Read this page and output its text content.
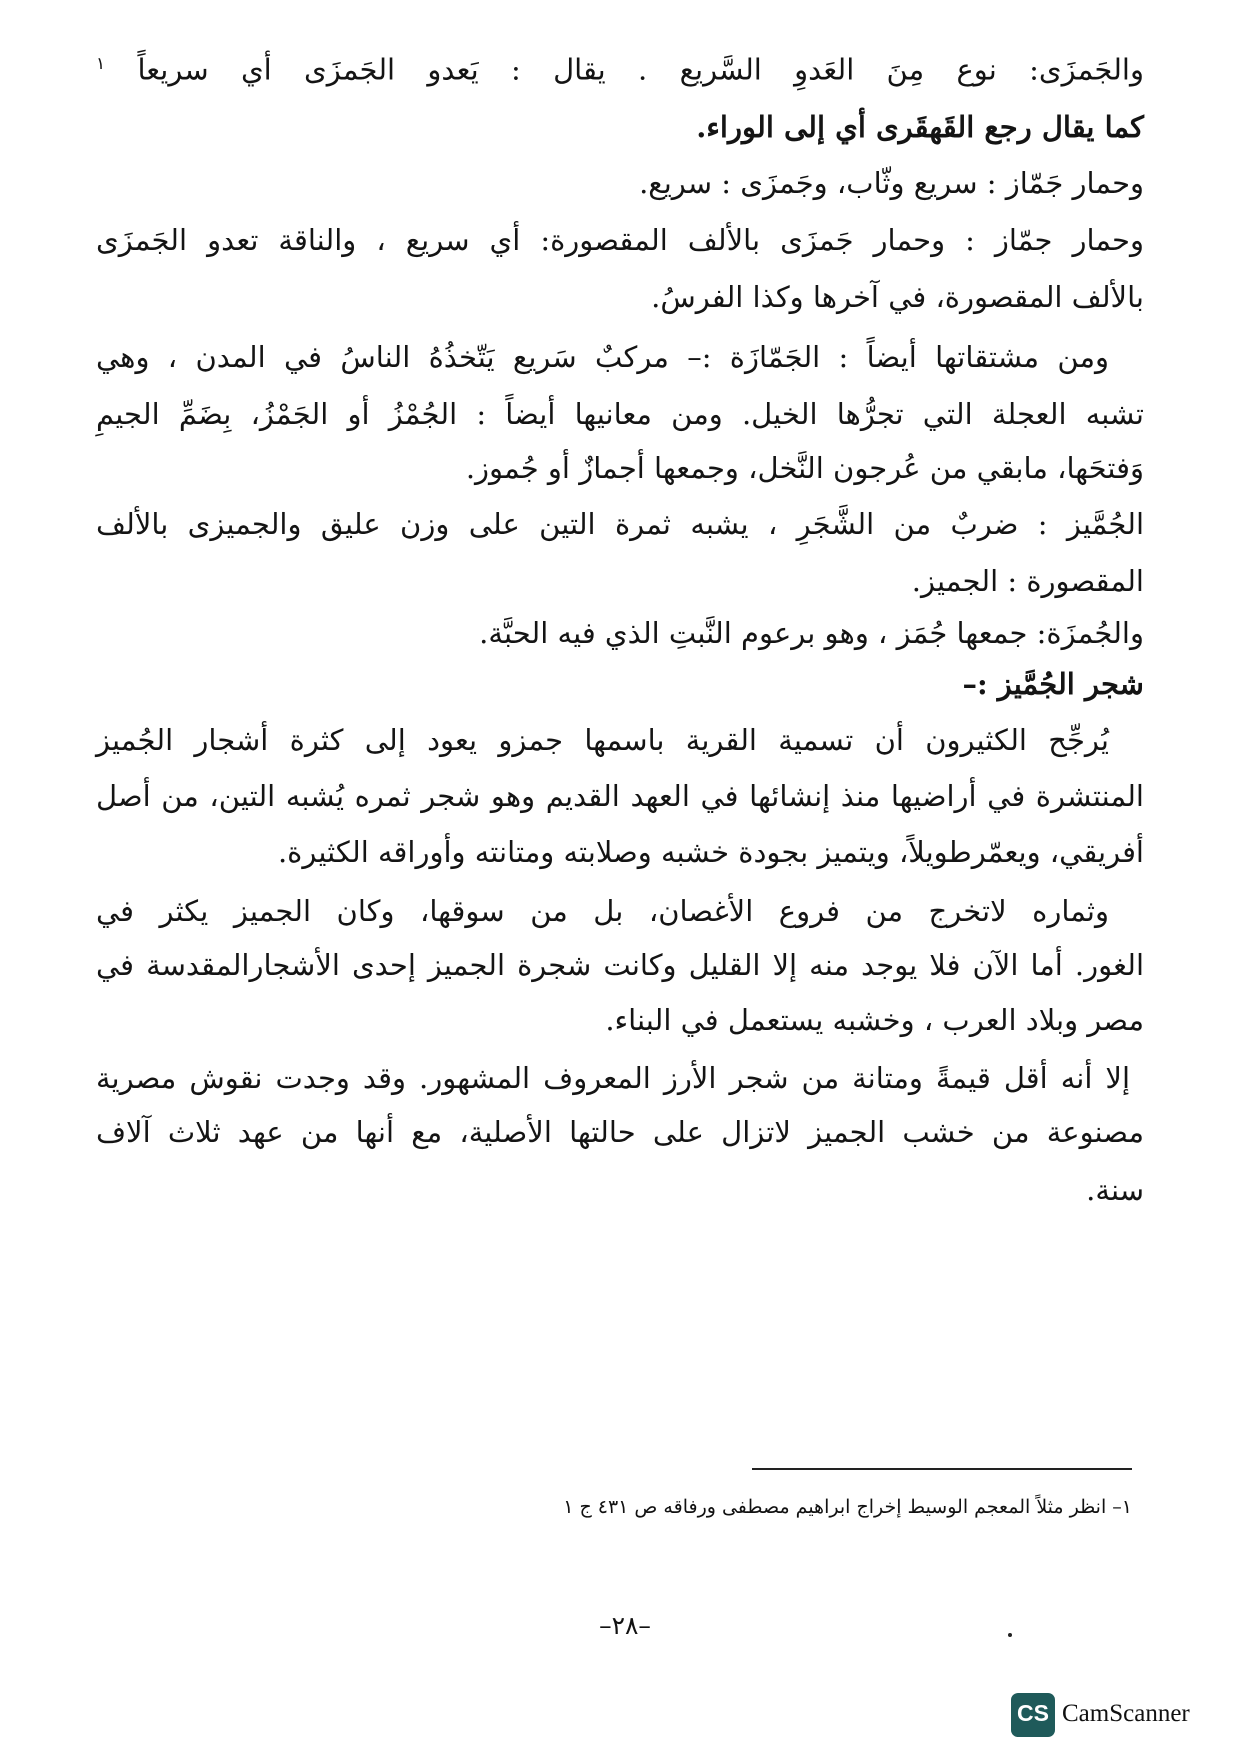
والجَمزَى: نوع مِنَ العَدوِ السَّريع . يقال : يَعدو الجَمزَى أي سريعاً $^١$
كما يقال رجع القَهقَرى أي إلى الوراء.
وحمار جَمّاز : سريع وثّاب، وجَمزَى : سريع.
وحمار جمّاز : وحمار جَمزَى بالألف المقصورة: أي سريع ، والناقة تعدو الجَمزَى
بالألف المقصورة، في آخرها وكذا الفرسُ.
ومن مشتقاتها أيضاً : الجَمّازَة :– مركبٌ سَريع يَتّخذُهُ الناسُ في المدن ، وهي
تشبه العجلة التي تجرُّها الخيل. ومن معانيها أيضاً : الجُمْزُ أو الجَمْزُ، بِضَمِّ الجيمِ
وَفتحَها، مابقي من عُرجون النَّخل، وجمعها أجمازٌ أو جُموز.
الجُمَّيز : ضربٌ من الشَّجَرِ ، يشبه ثمرة التين على وزن عليق والجميزى بالألف
المقصورة : الجميز.
والجُمزَة: جمعها جُمَز ، وهو برعوم النَّبتِ الذي فيه الحبَّة.
شجر الجُمَّيز :–
يُرجِّح الكثيرون أن تسمية القرية باسمها جمزو يعود إلى كثرة أشجار الجُميز
المنتشرة في أراضيها منذ إنشائها في العهد القديم وهو شجر ثمره يُشبه التين، من أصل
أفريقي، ويعمّرطويلاً، ويتميز بجودة خشبه وصلابته ومتانته وأوراقه الكثيرة.
وثماره لاتخرج من فروع الأغصان، بل من سوقها، وكان الجميز يكثر في
الغور. أما الآن فلا يوجد منه إلا القليل وكانت شجرة الجميز إحدى الأشجارالمقدسة في
مصر وبلاد العرب ، وخشبه يستعمل في البناء.
إلا أنه أقل قيمةً ومتانة من شجر الأرز المعروف المشهور. وقد وجدت نقوش مصرية
مصنوعة من خشب الجميز لاتزال على حالتها الأصلية، مع أنها من عهد ثلاث آلاف
سنة.
١– انظر مثلاً المعجم الوسيط إخراج ابراهيم مصطفى ورفاقه ص ٤٣١ ج ١
–٢٨–
CS CamScanner
